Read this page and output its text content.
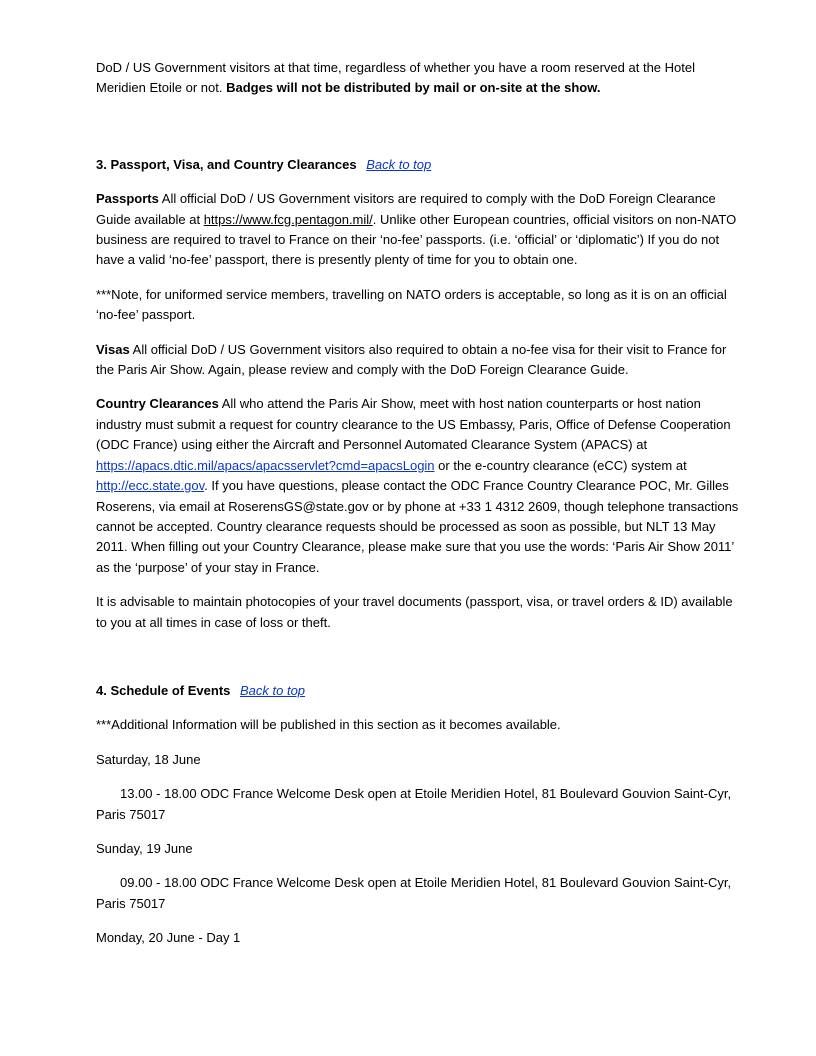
DoD / US Government visitors at that time, regardless of whether you have a room reserved at the Hotel
Meridien Etoile or not. Badges will not be distributed by mail or on-site at the show.

3. Passport, Visa, and Country Clearances Back to top

Passports All official DoD / US Government visitors are required to comply with the DoD Foreign Clearance Guide available at https://www.fcg.pentagon.mil/. Unlike other European countries, official visitors on non-NATO business are required to travel to France on their ‘no-fee’ passports. (i.e. ‘official’ or ‘diplomatic’) If you do not have a valid ‘no-fee’ passport, there is presently plenty of time for you to obtain one.

***Note, for uniformed service members, travelling on NATO orders is acceptable, so long as it is on an official ‘no-fee’ passport.

Visas All official DoD / US Government visitors also required to obtain a no-fee visa for their visit to France for the Paris Air Show. Again, please review and comply with the DoD Foreign Clearance Guide.

Country Clearances All who attend the Paris Air Show, meet with host nation counterparts or host nation industry must submit a request for country clearance to the US Embassy, Paris, Office of Defense Cooperation (ODC France) using either the Aircraft and Personnel Automated Clearance System (APACS) at https://apacs.dtic.mil/apacs/apacsservlet?cmd=apacsLogin or the e-country clearance (eCC) system at http://ecc.state.gov. If you have questions, please contact the ODC France Country Clearance POC, Mr. Gilles Roserens, via email at RoserensGS@state.gov or by phone at +33 1 4312 2609, though telephone transactions cannot be accepted. Country clearance requests should be processed as soon as possible, but NLT 13 May 2011. When filling out your Country Clearance, please make sure that you use the words: ‘Paris Air Show 2011’ as the ‘purpose’ of your stay in France.

It is advisable to maintain photocopies of your travel documents (passport, visa, or travel orders & ID) available to you at all times in case of loss or theft.

4. Schedule of Events Back to top

***Additional Information will be published in this section as it becomes available.

Saturday, 18 June

13.00 - 18.00 ODC France Welcome Desk open at Etoile Meridien Hotel, 81 Boulevard Gouvion Saint-Cyr, Paris 75017

Sunday, 19 June

09.00 - 18.00 ODC France Welcome Desk open at Etoile Meridien Hotel, 81 Boulevard Gouvion Saint-Cyr, Paris 75017

Monday, 20 June - Day 1
